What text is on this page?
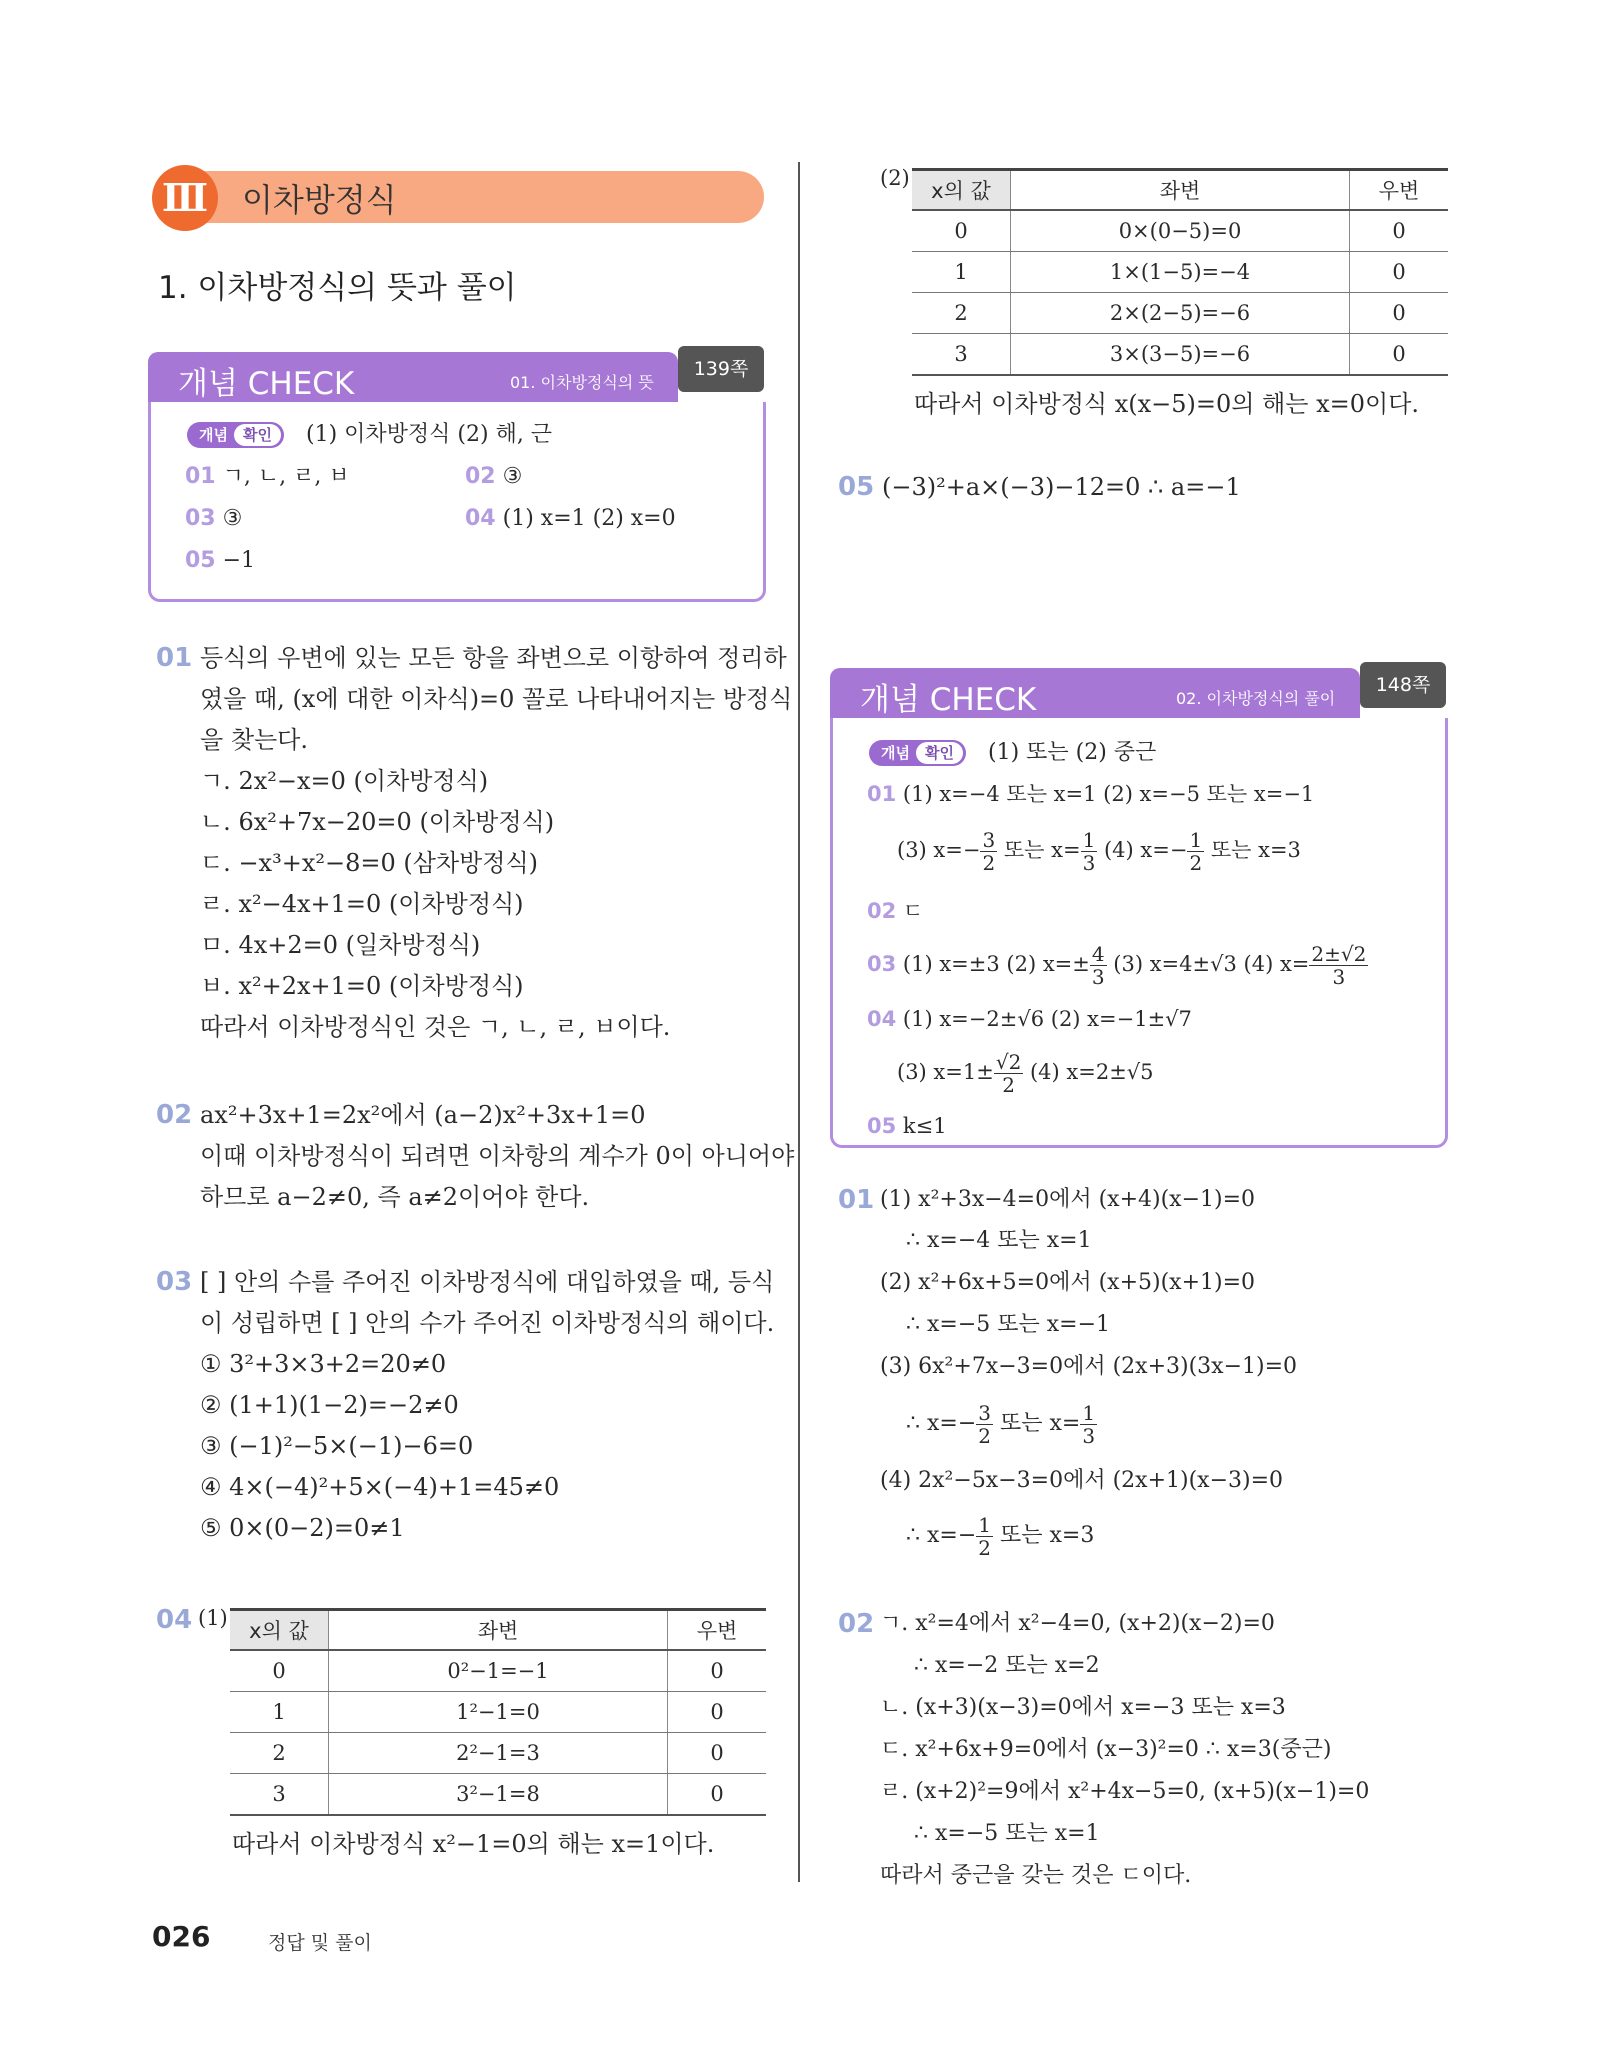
Ⅲ	이차방정식
1. 이차방정식의 뜻과 풀이
개념 CHECK	01. 이차방정식의 뜻
139쪽
개념 확인	(1) 이차방정식 (2) 해, 근
01 ㄱ, ㄴ, ㄹ, ㅂ	02 ③
03 ③	04 (1) x=1 (2) x=0
05 −1
01 등식의 우변에 있는 모든 항을 좌변으로 이항하여 정리하
였을 때, (x에 대한 이차식)=0 꼴로 나타내어지는 방정식
을 찾는다.
ㄱ. 2x²−x=0 (이차방정식)
ㄴ. 6x²+7x−20=0 (이차방정식)
ㄷ. −x³+x²−8=0 (삼차방정식)
ㄹ. x²−4x+1=0 (이차방정식)
ㅁ. 4x+2=0 (일차방정식)
ㅂ. x²+2x+1=0 (이차방정식)
따라서 이차방정식인 것은 ㄱ, ㄴ, ㄹ, ㅂ이다.
02 ax²+3x+1=2x²에서 (a−2)x²+3x+1=0
이때 이차방정식이 되려면 이차항의 계수가 0이 아니어야
하므로 a−2≠0, 즉 a≠2이어야 한다.
03 [ ] 안의 수를 주어진 이차방정식에 대입하였을 때, 등식
이 성립하면 [ ] 안의 수가 주어진 이차방정식의 해이다.
① 3²+3×3+2=20≠0
② (1+1)(1−2)=−2≠0
③ (−1)²−5×(−1)−6=0
④ 4×(−4)²+5×(−4)+1=45≠0
⑤ 0×(0−2)=0≠1
04 (1)
x의 값	좌변	우변
0	0²−1=−1	0
1	1²−1=0	0
2	2²−1=3	0
3	3²−1=8	0
따라서 이차방정식 x²−1=0의 해는 x=1이다.
(2)
x의 값	좌변	우변
0	0×(0−5)=0	0
1	1×(1−5)=−4	0
2	2×(2−5)=−6	0
3	3×(3−5)=−6	0
따라서 이차방정식 x(x−5)=0의 해는 x=0이다.
05 (−3)²+a×(−3)−12=0 ∴ a=−1
개념 CHECK	02. 이차방정식의 풀이
148쪽
개념 확인	(1) 또는 (2) 중근
01 (1) x=−4 또는 x=1 (2) x=−5 또는 x=−1
(3) $x=- \frac{3}{2}$ 또는 $x= \frac{1}{3} (4)$ $x=- \frac{1}{2}$ 또는 x=3
02 ㄷ
03 (1) x=±3 (2) $x=\pm \frac{4}{3} (3)$ x=4±√3 (4) $x= \frac{2\pm√2}{3}$
04 (1) x=−2±√6 (2) x=−1±√7
(3) $x=1\pm \frac{√2}{2} (4)$ x=2±√5
05 k≤1
01 (1) x²+3x−4=0에서 (x+4)(x−1)=0
∴ x=−4 또는 x=1
(2) x²+6x+5=0에서 (x+5)(x+1)=0
∴ x=−5 또는 x=−1
(3) 6x²+7x−3=0에서 (2x+3)(3x−1)=0
∴ $x=- \frac{3}{2}$ 또는 $x= \frac{1}{3}$
(4) 2x²−5x−3=0에서 (2x+1)(x−3)=0
∴ $x=- \frac{1}{2}$ 또는 x=3
02 ㄱ. x²=4에서 x²−4=0, (x+2)(x−2)=0
∴ x=−2 또는 x=2
ㄴ. (x+3)(x−3)=0에서 x=−3 또는 x=3
ㄷ. x²+6x+9=0에서 (x−3)²=0 ∴ x=3(중근)
ㄹ. (x+2)²=9에서 x²+4x−5=0, (x+5)(x−1)=0
∴ x=−5 또는 x=1
따라서 중근을 갖는 것은 ㄷ이다.
026	정답 및 풀이
